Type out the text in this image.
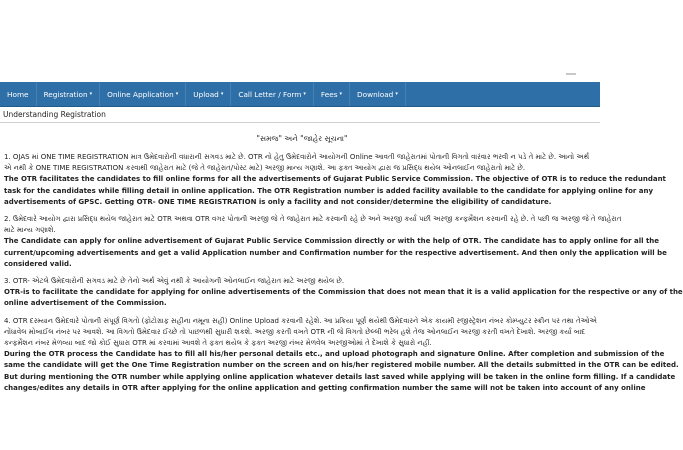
Home Registration ▾ Online Application ▾ Upload ▾ Call Letter / Form ▾ Fees ▾ Download ▾
Understanding Registration
"સમજ" અને "જાહેર સૂચના"
1. OJAS માં ONE TIME REGISTRATION માત્ર ઉમેદવારોની વધારાની સગવડ માટે છે. OTR નો હેતુ ઉમેદવારોને આયોગની Online આવતી જાહેરાતમાં પોતાની વિગતો વારંવાર ભરવી ન પડે તે માટે છે. આનો અર્થ
એ નથી કે ONE TIME REGISTRATION કરવાથી જાહેરાત માટે (જે તે જાહેરાત/પોસ્ટ માટે) અરજી માન્ય ગણાશે. આ ફક્ત આયોગ દ્વારા જ પ્રસિદ્ધ થયેલ ઓનલાઈન જાહેરાતો માટે છે.
The OTR facilitates the candidates to fill online forms for all the advertisements of Gujarat Public Service Commission. The objective of OTR is to reduce the redundant
task for the candidates while filling detail in online application. The OTR Registration number is added facility available to the candidate for applying online for any
advertisements of GPSC. Getting OTR- ONE TIME REGISTRATION is only a facility and not consider/determine the eligibility of candidature.
2. ઉમેદવારે આયોગ દ્વારા પ્રસિદ્ધ થયેલ જાહેરાત માટે OTR અથવા OTR વગર પોતાની અરજી જે તે જાહેરાત માટે કરવાની રહે છે અને અરજી કર્યા પછી અરજી કન્ફર્મેશન કરવાની રહે છે. તે પછી જ અરજી જે તે જાહેરાત
માટે માન્ય ગણાશે.
The Candidate can apply for online advertisement of Gujarat Public Service Commission directly or with the help of OTR. The candidate has to apply online for all the
current/upcoming advertisements and get a valid Application number and Confirmation number for the respective advertisement. And then only the application will be
considered valid.
3. OTR- એટલે ઉમેદવારોની સગવડ માટે છે તેનો અર્થ એવું નથી કે આયોગની ઓનલાઈન જાહેરાત માટે અરજી થયેલ છે.
OTR-is to facilitate the candidate for applying for online advertisements of the Commission that does not mean that it is a valid application for the respective or any of the
online advertisement of the Commission.
4. OTR દરમ્યાન ઉમેદવારે પોતાની સંપૂર્ણ વિગતો (ફોટોગ્રાફ સહીના નમૂના સહી) Online Upload કરવાની રહેશે. આ પ્રક્રિયા પૂર્ણ થયેથી ઉમેદવારને એક કાયમી રજીસ્ટ્રેશન નંબર કોમ્પ્યુટર સ્ક્રીન પર તથા તેઓએ
નોંધાવેલ મોબાઈલ નંબર પર આવશે. આ વિગતો ઉમેદવાર ઈચ્છે તો પાછળથી સુધારી શકશે. અરજી કરતી વખતે OTR ની જે વિગતો છેલ્લી ભરેલ હશે તેજ ઓનલાઈન અરજી કરતી વખતે દેખાશે. અરજી કર્યા બાદ
કન્ફર્મેશન નંબર મેળવ્યા બાદ જો કોઈ સુધારા OTR માં કરવામાં આવશે તે ફક્ત થયેલ કે ફક્ત અરજી નંબર મેળવેલ અરજીઓમાં તે દેખાશે કે સુધારો નહીં.
During the OTR process the Candidate has to fill all his/her personal details etc., and upload photograph and signature Online. After completion and submission of the
same the candidate will get the One Time Registration number on the screen and on his/her registered mobile number. All the details submitted in the OTR can be edited.
But during mentioning the OTR number while applying online application whatever details last saved while applying will be taken in the online form filling. If a candidate
changes/edites any details in OTR after applying for the online application and getting confirmation number the same will not be taken into account of any online
